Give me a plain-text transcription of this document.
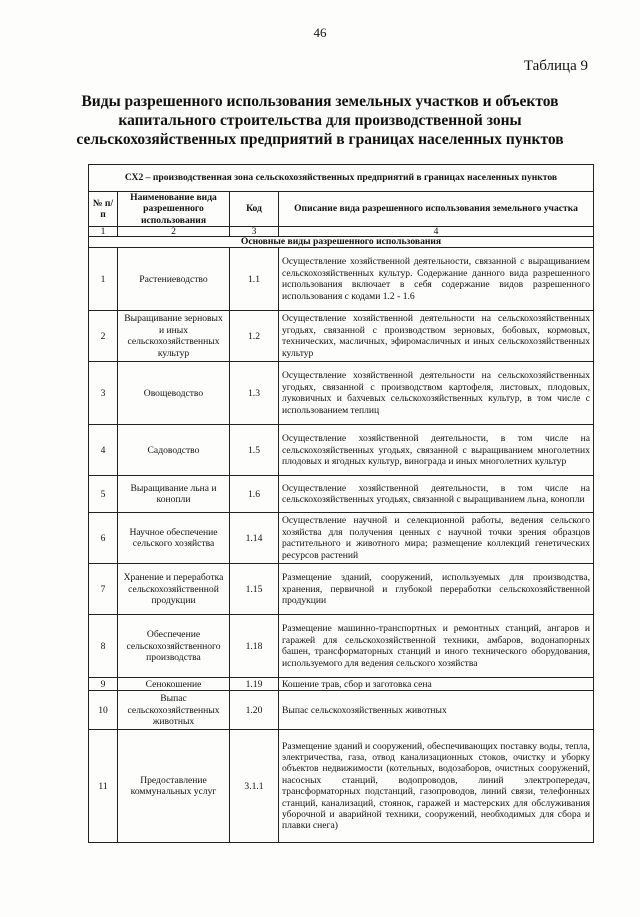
46
Таблица 9
Виды разрешенного использования земельных участков и объектов
капитального строительства для производственной зоны
сельскохозяйственных предприятий в границах населенных пунктов
СХ2 – производственная зона сельскохозяйственных предприятий в границах населенных пунктов			
№ п/п	Наименование вида разрешенного использования	Код	Описание вида разрешенного использования земельного участка
1	2	3	4
Основные виды разрешенного использования			
1	Растениеводство	1.1	Осуществление хозяйственной деятельности, связанной с выращиванием сельскохозяйственных культур. Содержание данного вида разрешенного использования включает в себя содержание видов разрешенного использования с кодами 1.2 - 1.6
2	Выращивание зерновых и иных сельскохозяйственных культур	1.2	Осуществление хозяйственной деятельности на сельскохозяйственных угодьях, связанной с производством зерновых, бобовых, кормовых, технических, масличных, эфиромасличных и иных сельскохозяйственных культур
3	Овощеводство	1.3	Осуществление хозяйственной деятельности на сельскохозяйственных угодьях, связанной с производством картофеля, листовых, плодовых, луковичных и бахчевых сельскохозяйственных культур, в том числе с использованием теплиц
4	Садоводство	1.5	Осуществление хозяйственной деятельности, в том числе на сельскохозяйственных угодьях, связанной с выращиванием многолетних плодовых и ягодных культур, винограда и иных многолетних культур
5	Выращивание льна и конопли	1.6	Осуществление хозяйственной деятельности, в том числе на сельскохозяйственных угодьях, связанной с выращиванием льна, конопли
6	Научное обеспечение сельского хозяйства	1.14	Осуществление научной и селекционной работы, ведения сельского хозяйства для получения ценных с научной точки зрения образцов растительного и животного мира; размещение коллекций генетических ресурсов растений
7	Хранение и переработка сельскохозяйственной продукции	1.15	Размещение зданий, сооружений, используемых для производства, хранения, первичной и глубокой переработки сельскохозяйственной продукции
8	Обеспечение сельскохозяйственного производства	1.18	Размещение машинно-транспортных и ремонтных станций, ангаров и гаражей для сельскохозяйственной техники, амбаров, водонапорных башен, трансформаторных станций и иного технического оборудования, используемого для ведения сельского хозяйства
9	Сенокошение	1.19	Кошение трав, сбор и заготовка сена
10	Выпас сельскохозяйственных животных	1.20	Выпас сельскохозяйственных животных
11	Предоставление коммунальных услуг	3.1.1	Размещение зданий и сооружений, обеспечивающих поставку воды, тепла, электричества, газа, отвод канализационных стоков, очистку и уборку объектов недвижимости (котельных, водозаборов, очистных сооружений, насосных станций, водопроводов, линий электропередач, трансформаторных подстанций, газопроводов, линий связи, телефонных станций, канализаций, стоянок, гаражей и мастерских для обслуживания уборочной и аварийной техники, сооружений, необходимых для сбора и плавки снега)
